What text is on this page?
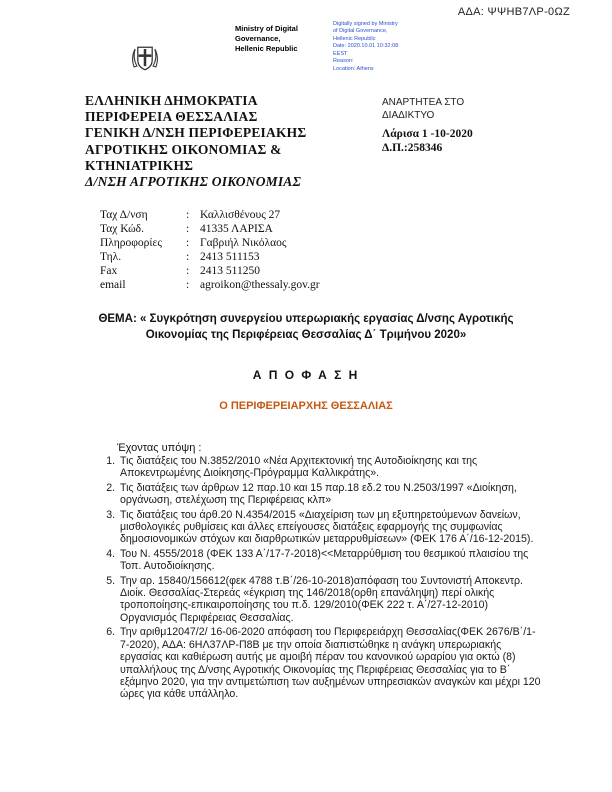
ΑΔΑ: ΨΨΗΒ7ΛΡ-0ΩΖ
Ministry of Digital
Governance,
Hellenic Republic
Digitally signed by Ministry
of Digital Governance,
Hellenic Republic
Date: 2020.10.01 10:32:08
EEST
Reason:
Location: Athens
ΕΛΛΗΝΙΚΗ ΔΗΜΟΚΡΑΤΙΑ
ΠΕΡΙΦΕΡΕΙΑ ΘΕΣΣΑΛΙΑΣ
ΓΕΝΙΚΗ Δ/ΝΣΗ ΠΕΡΙΦΕΡΕΙΑΚΗΣ
ΑΓΡΟΤΙΚΗΣ ΟΙΚΟΝΟΜΙΑΣ &
ΚΤΗΝΙΑΤΡΙΚΗΣ
Δ/ΝΣΗ ΑΓΡΟΤΙΚΗΣ ΟΙΚΟΝΟΜΙΑΣ
ΑΝΑΡΤΗΤΕΑ ΣΤΟ
ΔΙΑΔΙΚΤΥΟ
Λάρισα 1 -10-2020
Δ.Π.:258346
Ταχ Δ/νση	: Καλλισθένους 27
Ταχ Κώδ.	: 41335 ΛΑΡΙΣΑ
Πληροφορίες	: Γαβριήλ Νικόλαος
Τηλ.	: 2413 511153
Fax	: 2413 511250
email	: agroikon@thessaly.gov.gr
ΘΕΜΑ: « Συγκρότηση συνεργείου υπερωριακής εργασίας Δ/νσης Αγροτικής Οικονομίας της Περιφέρειας Θεσσαλίας Δ΄ Τριμήνου 2020»
Α Π Ο Φ Α Σ Η
Ο ΠΕΡΙΦΕΡΕΙΑΡΧΗΣ ΘΕΣΣΑΛΙΑΣ
Έχοντας υπόψη :
1. Τις διατάξεις του Ν.3852/2010 «Νέα Αρχιτεκτονική της Αυτοδιοίκησης και της Αποκεντρωμένης Διοίκησης-Πρόγραμμα Καλλικράτης».
2. Τις διατάξεις των άρθρων 12 παρ.10 και 15 παρ.18 εδ.2 του Ν.2503/1997 «Διοίκηση, οργάνωση, στελέχωση της Περιφέρειας κλπ»
3. Τις διατάξεις του άρθ.20 Ν.4354/2015 «Διαχείριση των μη εξυπηρετούμενων δανείων, μισθολογικές ρυθμίσεις και άλλες επείγουσες διατάξεις εφαρμογής της συμφωνίας δημοσιονομικών στόχων και διαρθρωτικών μεταρρυθμίσεων» (ΦΕΚ 176 Α΄/16-12-2015).
4. Του Ν. 4555/2018 (ΦΕΚ 133 Α΄/17-7-2018)<<Μεταρρύθμιση του θεσμικού πλαισίου της Τοπ. Αυτοδιοίκησης.
5. Την αρ. 15840/156612(φεκ 4788 τ.Β΄/26-10-2018)απόφαση του Συντονιστή Αποκεντρ. Διοίκ. Θεσσαλίας-Στερεάς «έγκριση της 146/2018(ορθη επανάληψη) περί ολικής τροποποίησης-επικαιροποίησης του π.δ. 129/2010(ΦΕΚ 222 τ. Α΄/27-12-2010) Οργανισμός Περιφέρειας Θεσσαλίας.
6. Την αριθμ12047/2/ 16-06-2020 απόφαση του Περιφερειάρχη Θεσσαλίας(ΦΕΚ 2676/Β΄/1-7-2020), ΑΔΑ: 6ΗΛ37ΛΡ-Π8Β με την οποία διαπιστώθηκε η ανάγκη υπερωριακής εργασίας και καθιέρωση αυτής με αμοιβή πέραν του κανονικού ωραρίου για οκτώ (8) υπαλλήλους της Δ/νσης Αγροτικής Οικονομίας της Περιφέρειας Θεσσαλίας για το Β΄ εξάμηνο 2020, για την αντιμετώπιση των αυξημένων υπηρεσιακών αναγκών και μέχρι 120 ώρες για κάθε υπάλληλο.
